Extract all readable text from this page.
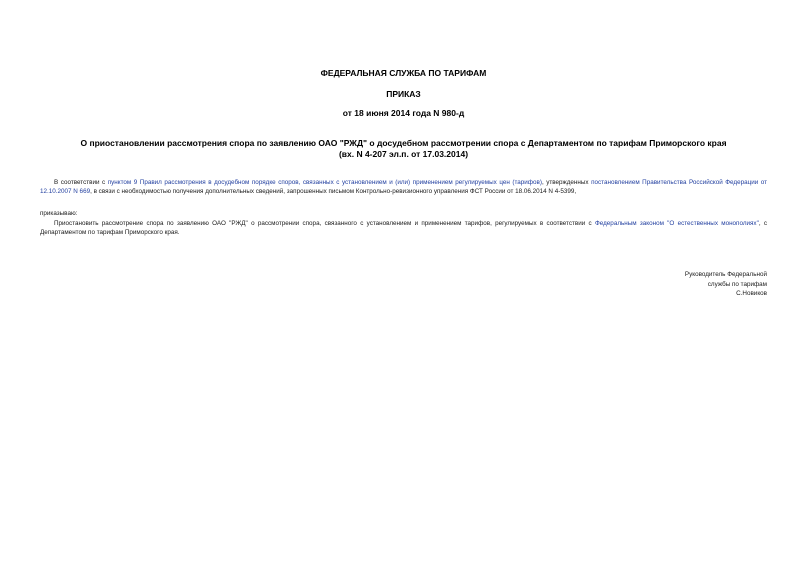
ФЕДЕРАЛЬНАЯ СЛУЖБА ПО ТАРИФАМ
ПРИКАЗ
от 18 июня 2014 года N 980-д
О приостановлении рассмотрения спора по заявлению ОАО "РЖД" о досудебном рассмотрении спора с Департаментом по тарифам Приморского края
(вх. N 4-207 эл.п. от 17.03.2014)
В соответствии с пунктом 9 Правил рассмотрения в досудебном порядке споров, связанных с установлением и (или) применением регулируемых цен (тарифов), утвержденных постановлением Правительства Российской Федерации от 12.10.2007 N 669, в связи с необходимостью получения дополнительных сведений, запрошенных письмом Контрольно-ревизионного управления ФСТ России от 18.06.2014 N 4-5399,
приказываю:
Приостановить рассмотрение спора по заявлению ОАО "РЖД" о рассмотрении спора, связанного с установлением и применением тарифов, регулируемых в соответствии с Федеральным законом "О естественных монополиях", с Департаментом по тарифам Приморского края.
Руководитель Федеральной
службы по тарифам
С.Новиков
